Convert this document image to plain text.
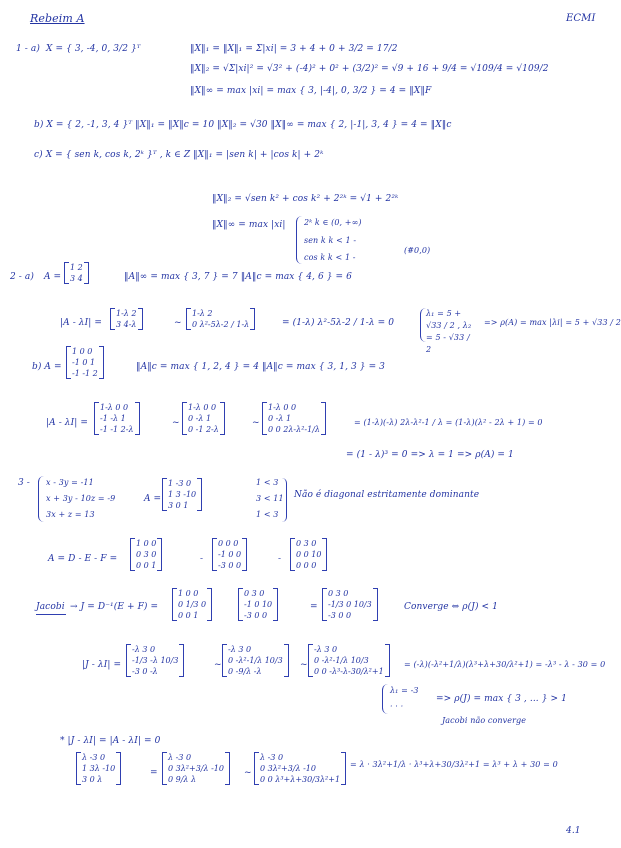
Rebeim A	ECMI
1 - a) X = { 3, -4, 0, 3/2 }ᵀ	‖X‖₁ = ‖X‖₁ = Σ|xi| = 3 + 4 + 0 + 3/2 = 17/2
‖X‖₂ = √Σ|xi|² = √3² + (-4)² + 0² + (3/2)² = √9 + 16 + 9/4 = √109/4 = √109/2
‖X‖∞ = max |xi| = max { 3, |-4|, 0, 3/2 } = 4 = ‖X‖F
b) X = { 2, -1, 3, 4 }ᵀ ‖X‖₁ = ‖X‖c = 10 ‖X‖₂ = √30 ‖X‖∞ = max { 2, |-1|, 3, 4 } = 4 = ‖X‖c
c) X = { sen k, cos k, 2ᵏ }ᵀ , k ∈ Z ‖X‖₁ = |sen k| + |cos k| + 2ᵏ
‖X‖₂ = √sen k² + cos k² + 2²ᵏ = √1 + 2²ᵏ
‖X‖∞ = max |xi| 2ᵏ k ∈ (0, +∞)
sen k k < 1 -
cos k k < 1 -
(#0,0)
2 - a) A =
1 2
3 4	‖A‖∞ = max { 3, 7 } = 7 ‖A‖c = max { 4, 6 } = 6
|A - λI| =
1-λ 2
3 4-λ	~
1-λ 2
0 λ²-5λ-2 / 1-λ	= (1-λ) λ²-5λ-2 / 1-λ = 0
λ₁ = 5 + √33 / 2 , λ₂ = 5 - √33 / 2
=> ρ(A) = max |λi| = 5 + √33 / 2
b) A =
1 0 0
-1 0 1
-1 -1 2
‖A‖c = max { 1, 2, 4 } = 4 ‖A‖c = max { 3, 1, 3 } = 3
|A - λI| =
1-λ 0 0
-1 -λ 1
-1 -1 2-λ
~
1-λ 0 0
0 -λ 1
0 -1 2-λ
~
1-λ 0 0
0 -λ 1
0 0 2λ-λ²-1/λ
= (1-λ)(-λ) 2λ-λ²-1 / λ = (1-λ)(λ² - 2λ + 1) = 0
= (1 - λ)³ = 0 => λ = 1 => ρ(A) = 1
3 - x - 3y = -11
x + 3y - 10z = -9
3x + z = 13
A =
1 -3 0
1 3 -10
3 0 1
1 < 3
3 < 11
1 < 3
Não é diagonal estritamente dominante
A = D - E - F =
1 0 0
0 3 0
0 0 1
-
0 0 0
-1 0 0
-3 0 0
-
0 3 0
0 0 10
0 0 0
Jacobi → J = D⁻¹(E + F) =
1 0 0
0 1/3 0
0 0 1
0 3 0
-1 0 10
-3 0 0
=
0 3 0
-1/3 0 10/3
-3 0 0
Converge ⇔ ρ(J) < 1
|J - λI| =
-λ 3 0
-1/3 -λ 10/3
-3 0 -λ
~
-λ 3 0
0 -λ²-1/λ 10/3
0 -9/λ -λ
~
-λ 3 0
0 -λ²-1/λ 10/3
0 0 -λ³-λ-30/λ²+1
= (-λ)(-λ²+1/λ)(λ³+λ+30/λ²+1) = -λ³ - λ - 30 = 0
λ₁ = -3
· · ·
=> ρ(J) = max { 3 , ... } > 1
Jacobi não converge
* |J - λI| = |A - λI| = 0
λ -3 0
1 3λ -10
3 0 λ
=
λ -3 0
0 3λ²+3/λ -10
0 9/λ λ
~
λ -3 0
0 3λ²+3/λ -10
0 0 λ³+λ+30/3λ²+1
= λ · 3λ²+1/λ · λ³+λ+30/3λ²+1 = λ³ + λ + 30 = 0
4.1
